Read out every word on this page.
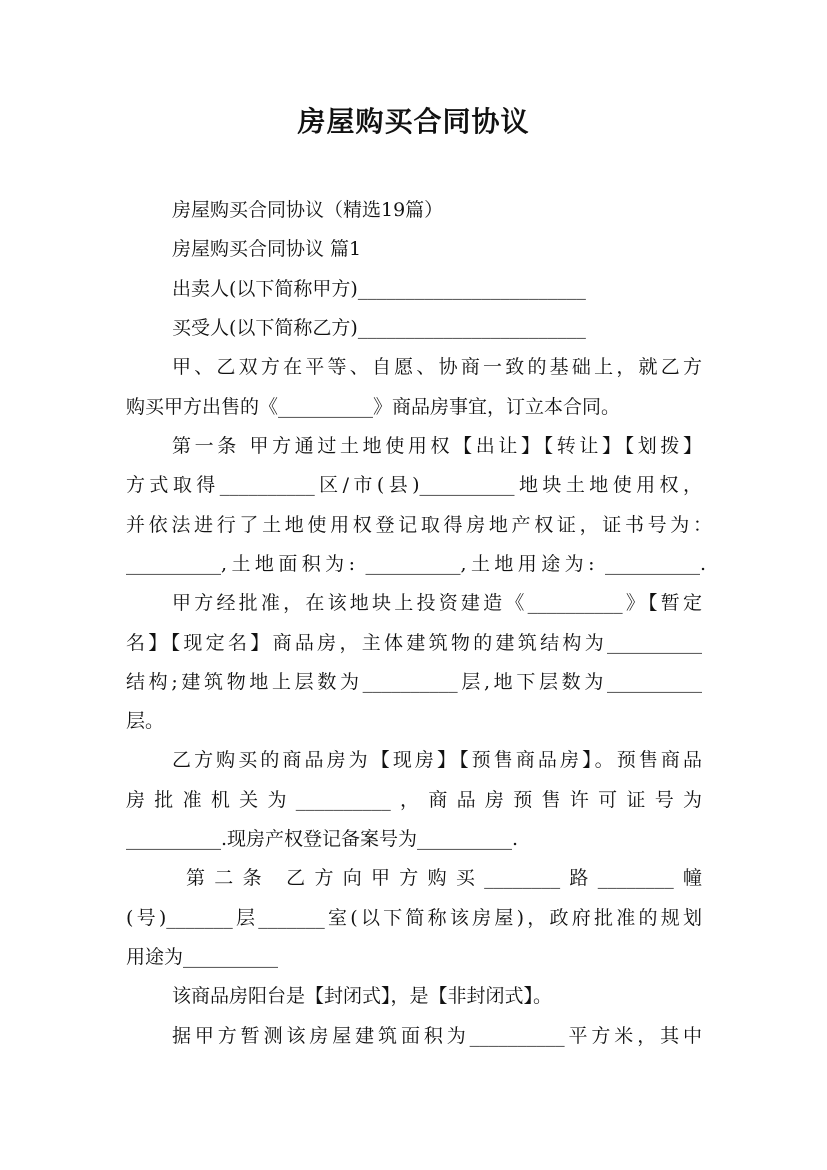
房屋购买合同协议
房屋购买合同协议（精选19篇）
房屋购买合同协议 篇1
出卖人(以下简称甲方)________________________
买受人(以下简称乙方)________________________
甲、乙双方在平等、自愿、协商一致的基础上，就乙方
购买甲方出售的《__________》商品房事宜，订立本合同。
第一条 甲方通过土地使用权【出让】【转让】【划拨】
方式取得__________区/市(县)__________地块土地使用权，
并依法进行了土地使用权登记取得房地产权证，证书号为：
__________,土地面积为: __________,土地用途为: __________.
甲方经批准，在该地块上投资建造《__________》【暂定
名】【现定名】商品房，主体建筑物的建筑结构为__________
结构;建筑物地上层数为__________层,地下层数为__________
层。
乙方购买的商品房为【现房】【预售商品房】。预售商品
房批准机关为__________，商品房预售许可证号为
__________.现房产权登记备案号为__________.
第二条 乙方向甲方购买________路________幢
(号)_______层_______室(以下简称该房屋)，政府批准的规划
用途为__________
该商品房阳台是【封闭式】，是【非封闭式】。
据甲方暂测该房屋建筑面积为__________平方米，其中
